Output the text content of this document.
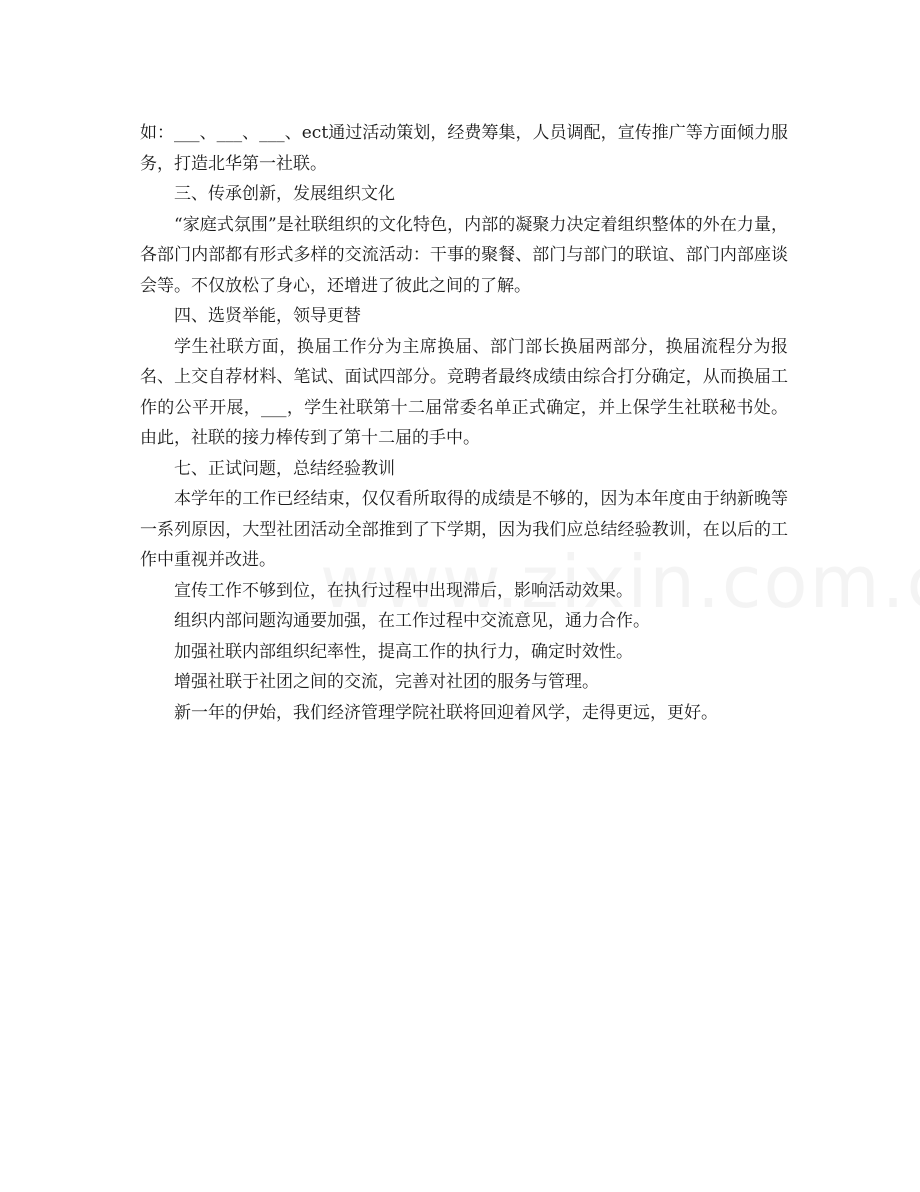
如：___、___、___、ect通过活动策划，经费筹集，人员调配，宣传推广等方面倾力服务，打造北华第一社联。

三、传承创新，发展组织文化

“家庭式氛围”是社联组织的文化特色，内部的凝聚力决定着组织整体的外在力量，各部门内部都有形式多样的交流活动：干事的聚餐、部门与部门的联谊、部门内部座谈会等。不仅放松了身心，还增进了彼此之间的了解。

四、选贤举能，领导更替

学生社联方面，换届工作分为主席换届、部门部长换届两部分，换届流程分为报名、上交自荐材料、笔试、面试四部分。竞聘者最终成绩由综合打分确定，从而换届工作的公平开展，___，学生社联第十二届常委名单正式确定，并上保学生社联秘书处。由此，社联的接力棒传到了第十二届的手中。

七、正试问题，总结经验教训

本学年的工作已经结束，仅仅看所取得的成绩是不够的，因为本年度由于纳新晚等一系列原因，大型社团活动全部推到了下学期，因为我们应总结经验教训，在以后的工作中重视并改进。

宣传工作不够到位，在执行过程中出现滞后，影响活动效果。

组织内部问题沟通要加强，在工作过程中交流意见，通力合作。

加强社联内部组织纪率性，提高工作的执行力，确定时效性。

增强社联于社团之间的交流，完善对社团的服务与管理。

新一年的伊始，我们经济管理学院社联将回迎着风学，走得更远，更好。
